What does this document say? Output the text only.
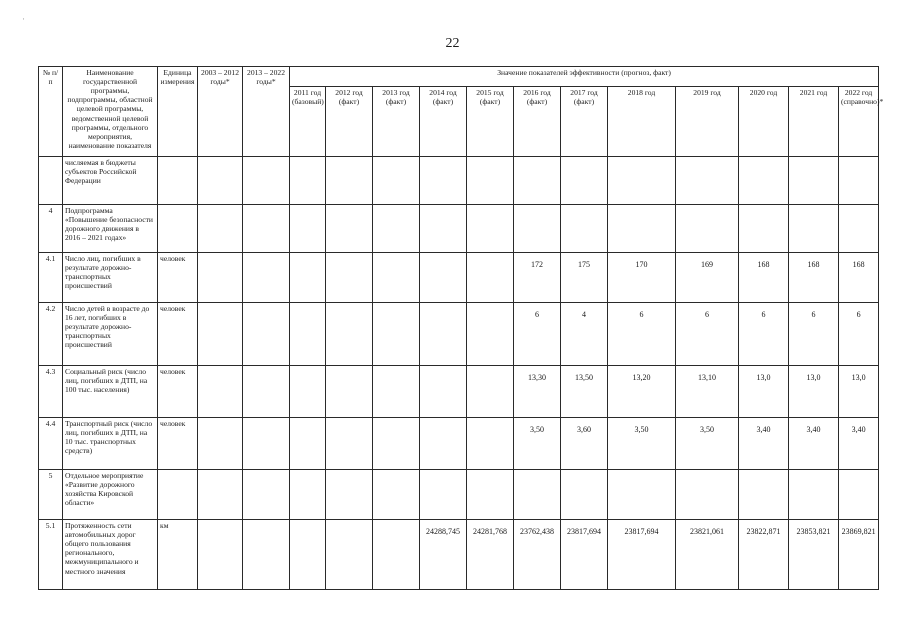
22
·
№ п/п	Наименование государственной программы, подпрограммы, областной целевой программы, ведомственной целевой программы, отдельного мероприятия, наименование показателя	Единица измерения	2003 – 2012 годы*	2013 – 2022 годы*	Значение показателей эффективности (прогноз, факт)											
					2011 год (базовый)	2012 год (факт)	2013 год (факт)	2014 год (факт)	2015 год (факт)	2016 год (факт)	2017 год (факт)	2018 год	2019 год	2020 год	2021 год	2022 год (справочно)*
	числяемая в бюджеты субъектов Российской Федерации															
4	Подпрограмма «Повышение безопасности дорожного движения в 2016 – 2021 годах»															
4.1	Число лиц, погибших в результате дорожно-транспортных происшествий	человек								172	175	170	169	168	168	168
4.2	Число детей в возрасте до 16 лет, погибших в результате дорожно-транспортных происшествий	человек								6	4	6	6	6	6	6
4.3	Социальный риск (число лиц, погибших в ДТП, на 100 тыс. населения)	человек								13,30	13,50	13,20	13,10	13,0	13,0	13,0
4.4	Транспортный риск (число лиц, погибших в ДТП, на 10 тыс. транспортных средств)	человек								3,50	3,60	3,50	3,50	3,40	3,40	3,40
5	Отдельное мероприятие «Развитие дорожного хозяйства Кировской области»															
5.1	Протяженность сети автомобильных дорог общего пользования регионального, межмуниципального и местного значения	км						24288,745	24281,768	23762,438	23817,694	23817,694	23821,061	23822,871	23853,821	23869,821
